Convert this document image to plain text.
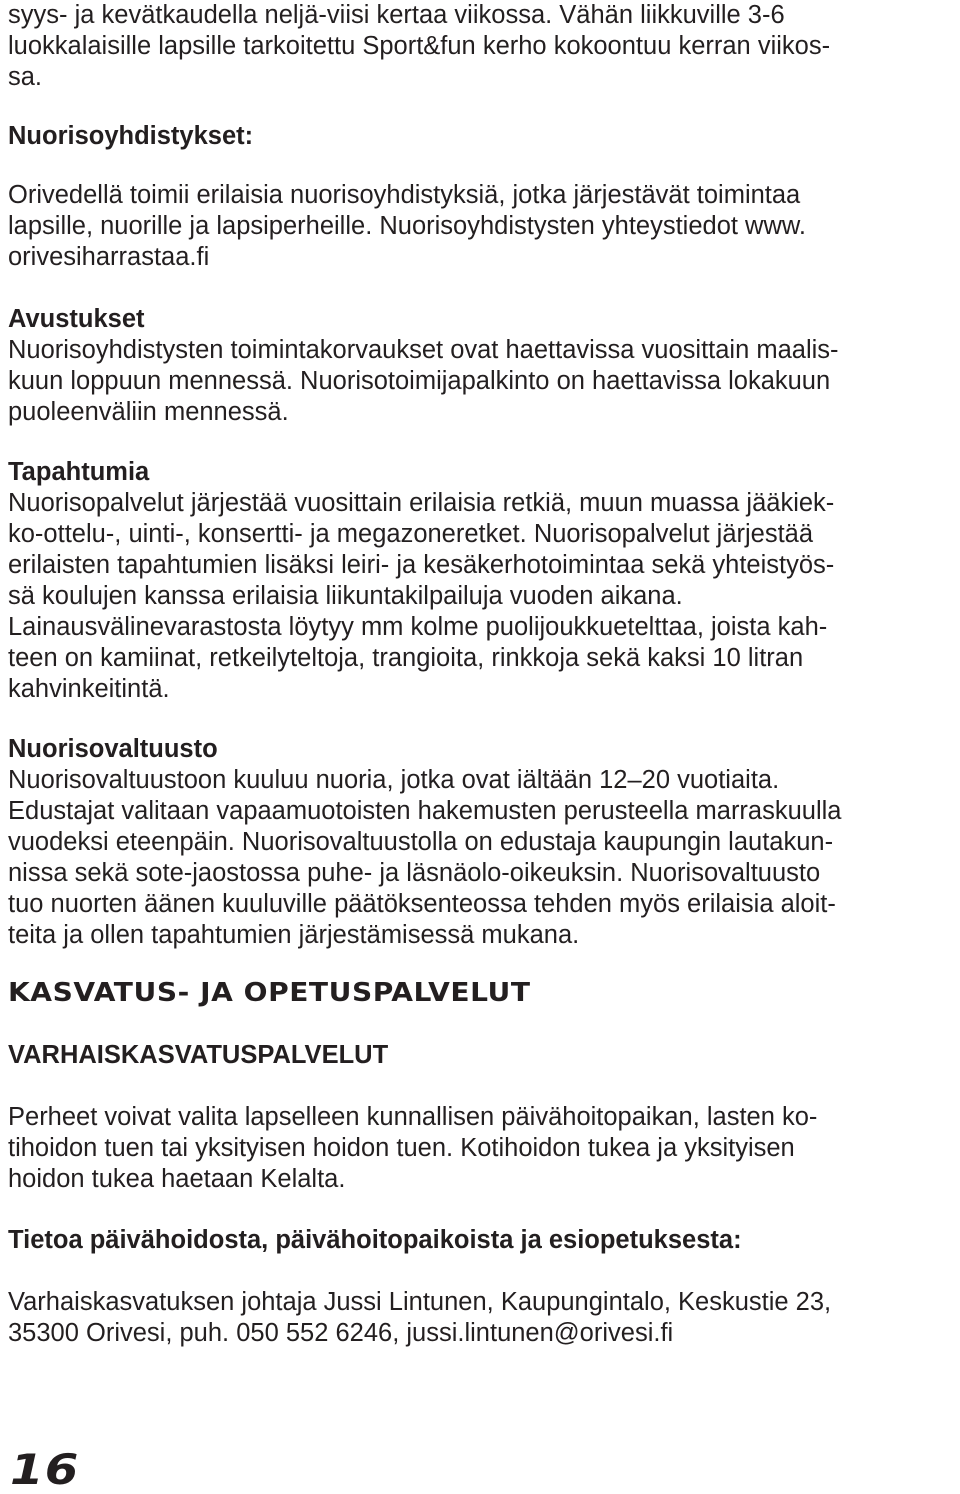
syys- ja kevätkaudella neljä-viisi kertaa viikossa. Vähän liikkuville 3-6

luokkalaisille lapsille tarkoitettu Sport&fun kerho kokoontuu kerran viikos-

sa.

Nuorisoyhdistykset:

Orivedellä toimii erilaisia nuorisoyhdistyksiä, jotka järjestävät toimintaa

lapsille, nuorille ja lapsiperheille. Nuorisoyhdistysten yhteystiedot www.

orivesiharrastaa.fi

Avustukset

Nuorisoyhdistysten toimintakorvaukset ovat haettavissa vuosittain maalis-

kuun loppuun mennessä. Nuorisotoimijapalkinto on haettavissa lokakuun

puoleenväliin mennessä.

Tapahtumia

Nuorisopalvelut järjestää vuosittain erilaisia retkiä, muun muassa jääkiek-

ko-ottelu-, uinti-, konsertti- ja megazoneretket. Nuorisopalvelut järjestää

erilaisten tapahtumien lisäksi leiri- ja kesäkerhotoimintaa sekä yhteistyös-

sä koulujen kanssa erilaisia liikuntakilpailuja vuoden aikana.

Lainausvälinevarastosta löytyy mm kolme puolijoukkuetelttaa, joista kah-

teen on kamiinat, retkeilyteltoja, trangioita, rinkkoja sekä kaksi 10 litran

kahvinkeitintä.

Nuorisovaltuusto

Nuorisovaltuustoon kuuluu nuoria, jotka ovat iältään 12–20 vuotiaita.

Edustajat valitaan vapaamuotoisten hakemusten perusteella marraskuulla

vuodeksi eteenpäin. Nuorisovaltuustolla on edustaja kaupungin lautakun-

nissa sekä sote-jaostossa puhe- ja läsnäolo-oikeuksin. Nuorisovaltuusto

tuo nuorten äänen kuuluville päätöksenteossa tehden myös erilaisia aloit-

teita ja ollen tapahtumien järjestämisessä mukana.

KASVATUS- JA OPETUSPALVELUT

VARHAISKASVATUSPALVELUT

Perheet voivat valita lapselleen kunnallisen päivähoitopaikan, lasten ko-

tihoidon tuen tai yksityisen hoidon tuen. Kotihoidon tukea ja yksityisen

hoidon tukea haetaan Kelalta.

Tietoa päivähoidosta, päivähoitopaikoista ja esiopetuksesta:

Varhaiskasvatuksen johtaja Jussi Lintunen, Kaupungintalo, Keskustie 23,

35300 Orivesi, puh. 050 552 6246, jussi.lintunen@orivesi.fi

16
